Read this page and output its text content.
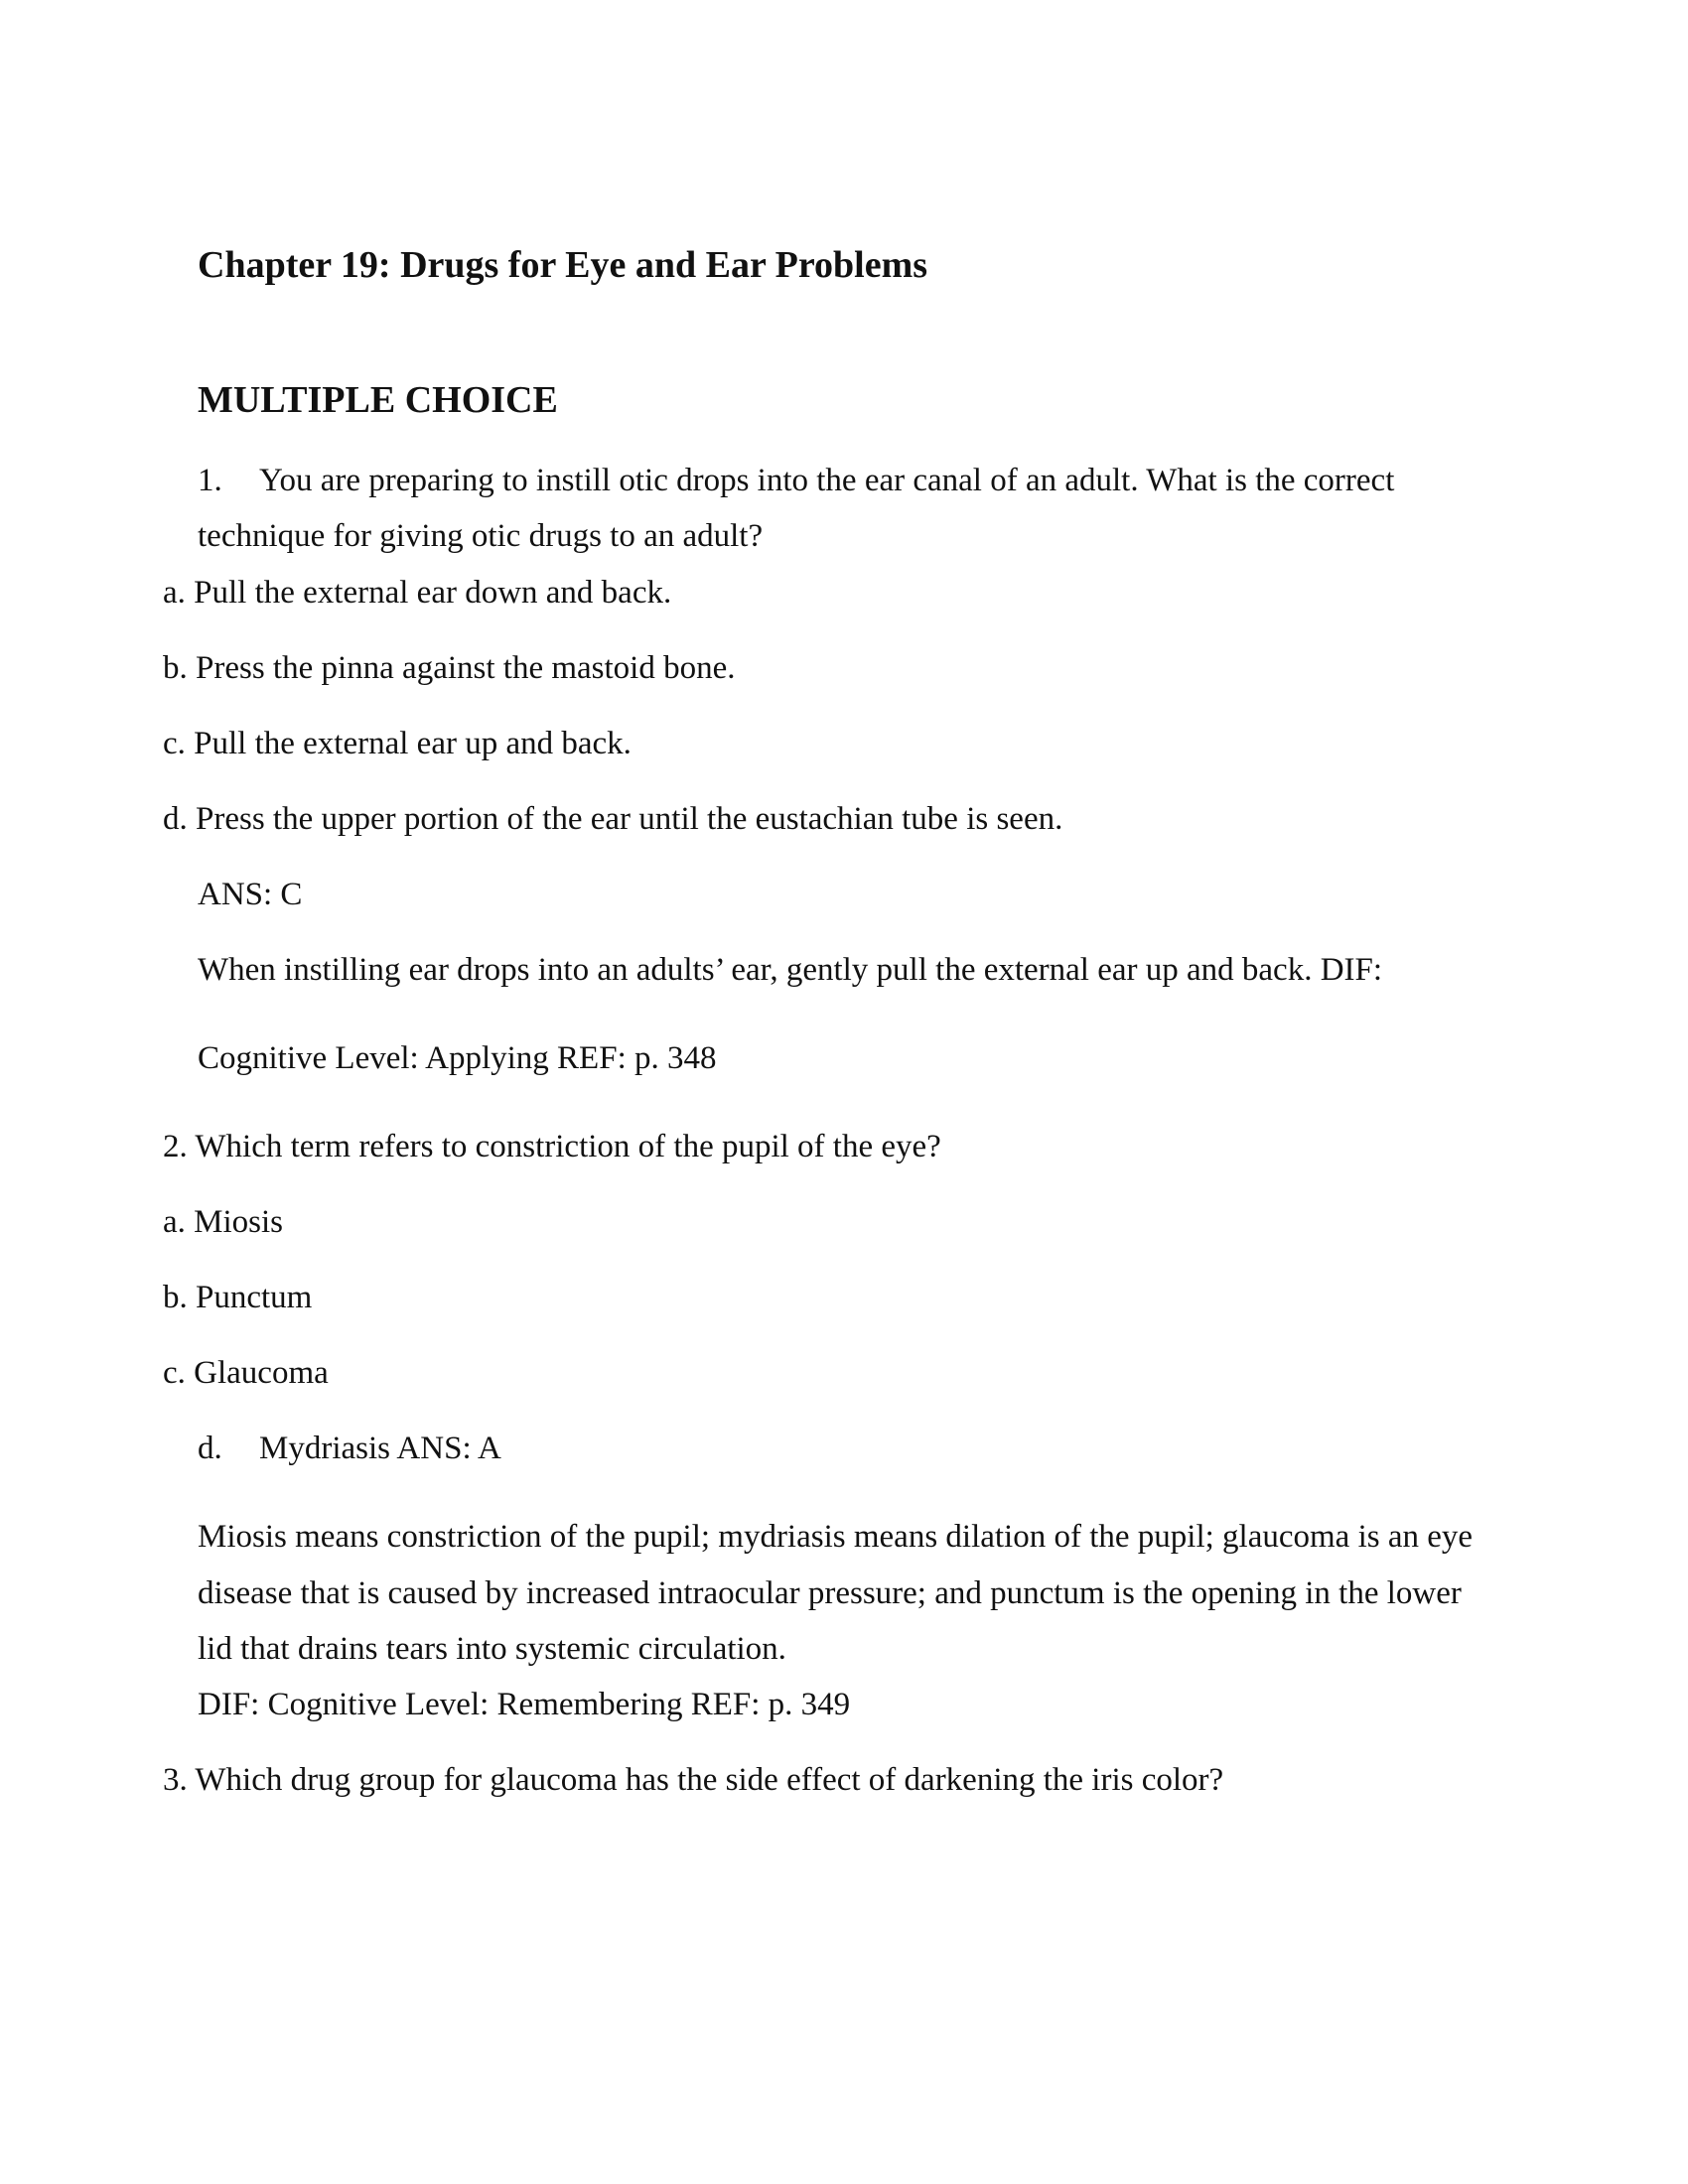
Chapter 19: Drugs for Eye and Ear Problems
MULTIPLE CHOICE
1. You are preparing to instill otic drops into the ear canal of an adult. What is the correct
technique for giving otic drugs to an adult?
a. Pull the external ear down and back.
b. Press the pinna against the mastoid bone.
c. Pull the external ear up and back.
d. Press the upper portion of the ear until the eustachian tube is seen.
ANS: C
When instilling ear drops into an adults’ ear, gently pull the external ear up and back. DIF:
Cognitive Level: Applying REF: p. 348
2. Which term refers to constriction of the pupil of the eye?
a. Miosis
b. Punctum
c. Glaucoma
d. Mydriasis ANS: A
Miosis means constriction of the pupil; mydriasis means dilation of the pupil; glaucoma is an eye
disease that is caused by increased intraocular pressure; and punctum is the opening in the lower
lid that drains tears into systemic circulation.
DIF: Cognitive Level: Remembering REF: p. 349
3. Which drug group for glaucoma has the side effect of darkening the iris color?
